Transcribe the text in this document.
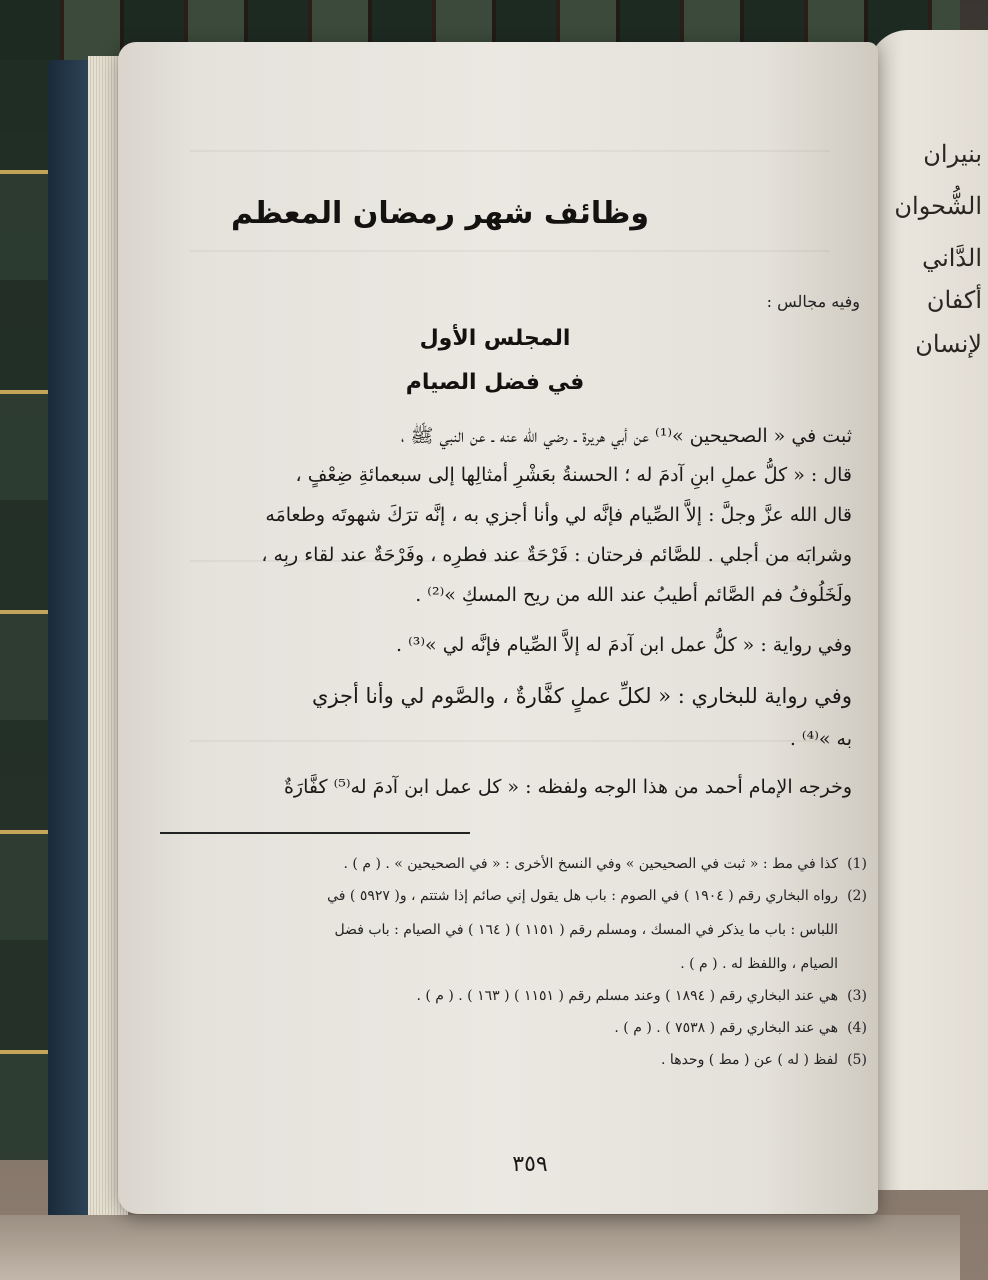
بنيران
الشُّحوان
الدَّاني
أكفان
لإنسان
وظائف شهر رمضان المعظم
وفيه مجالس :
المجلس الأول
في فضل الصيام
ثبت في « الصحيحين »⁽¹⁾ عن أبي هريرة ـ رضي الله عنه ـ عن النبي ﷺ ،
قال : « كلُّ عملِ ابنِ آدمَ له ؛ الحسنةُ بعَشْرِ أمثالِها إلى سبعمائةِ ضِعْفٍ ،
قال الله عزَّ وجلَّ : إلاَّ الصِّيام فإنَّه لي وأنا أجزي به ، إنَّه ترَكَ شهوتَه وطعامَه
وشرابَه من أجلي . للصَّائم فرحتان : فَرْحَةٌ عند فطرِه ، وفَرْحَةٌ عند لقاء ربِه ،
ولَخَلُوفُ فم الصَّائم أطيبُ عند الله من ريح المسكِ »⁽²⁾ .
وفي رواية : « كلُّ عمل ابن آدمَ له إلاَّ الصِّيام فإنَّه لي »⁽³⁾ .
وفي رواية للبخاري : « لكلِّ عملٍ كفَّارةٌ ، والصَّوم لي وأنا أجزي
به »⁽⁴⁾ .
وخرجه الإمام أحمد من هذا الوجه ولفظه : « كل عمل ابن آدمَ له⁽⁵⁾ كفَّارَةٌ
(1)كذا في مط : « ثبت في الصحيحين » وفي النسخ الأخرى : « في الصحيحين » . ( م ) .
(2)رواه البخاري رقم ( ١٩٠٤ ) في الصوم : باب هل يقول إني صائم إذا شتتم ، و( ٥٩٢٧ ) في
اللباس : باب ما يذكر في المسك ، ومسلم رقم ( ١١٥١ ) ( ١٦٤ ) في الصيام : باب فضل
الصيام ، واللفظ له . ( م ) .
(3)هي عند البخاري رقم ( ١٨٩٤ ) وعند مسلم رقم ( ١١٥١ ) ( ١٦٣ ) . ( م ) .
(4)هي عند البخاري رقم ( ٧٥٣٨ ) . ( م ) .
(5)لفظ ( له ) عن ( مط ) وحدها .
٣٥٩
